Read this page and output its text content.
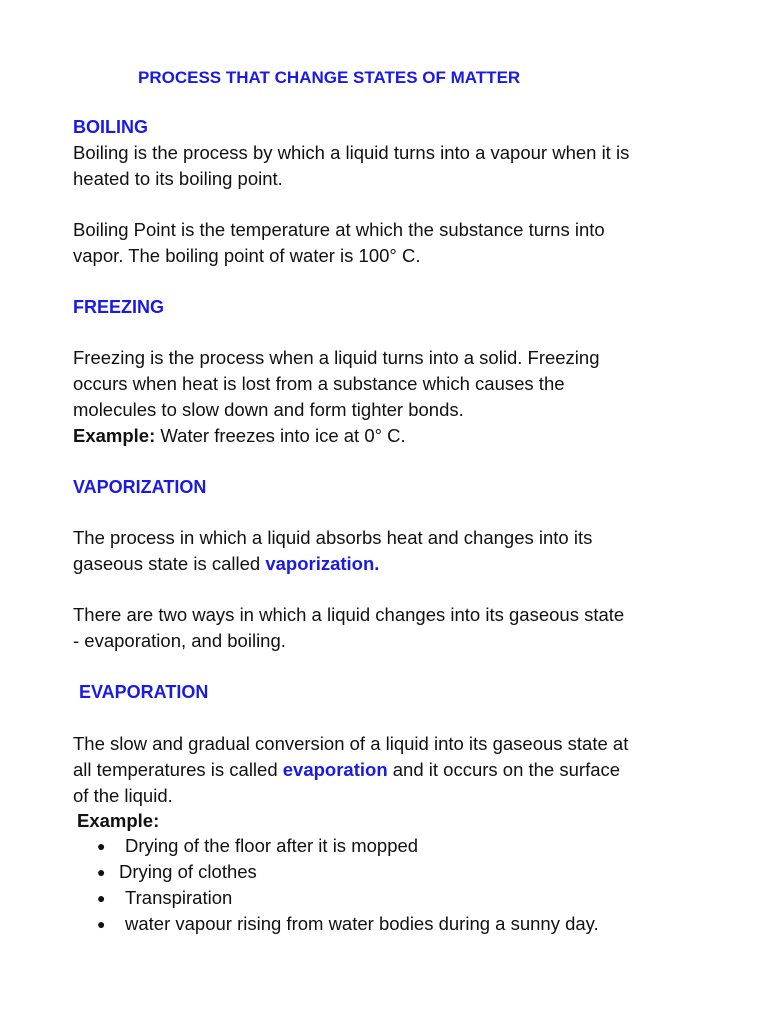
PROCESS THAT CHANGE STATES OF MATTER
BOILING
Boiling is the process by which a liquid turns into a vapour when it is
heated to its boiling point.
Boiling Point is the temperature at which the substance turns into
vapor. The boiling point of water is 100° C.
FREEZING
Freezing is the process when a liquid turns into a solid. Freezing
occurs when heat is lost from a substance which causes the
molecules to slow down and form tighter bonds.
Example: Water freezes into ice at 0° C.
VAPORIZATION
The process in which a liquid absorbs heat and changes into its
gaseous state is called vaporization.
There are two ways in which a liquid changes into its gaseous state
- evaporation, and boiling.
EVAPORATION
The slow and gradual conversion of a liquid into its gaseous state at
all temperatures is called evaporation and it occurs on the surface
of the liquid.
Example:
● Drying of the floor after it is mopped
● Drying of clothes
● Transpiration
● water vapour rising from water bodies during a sunny day.
